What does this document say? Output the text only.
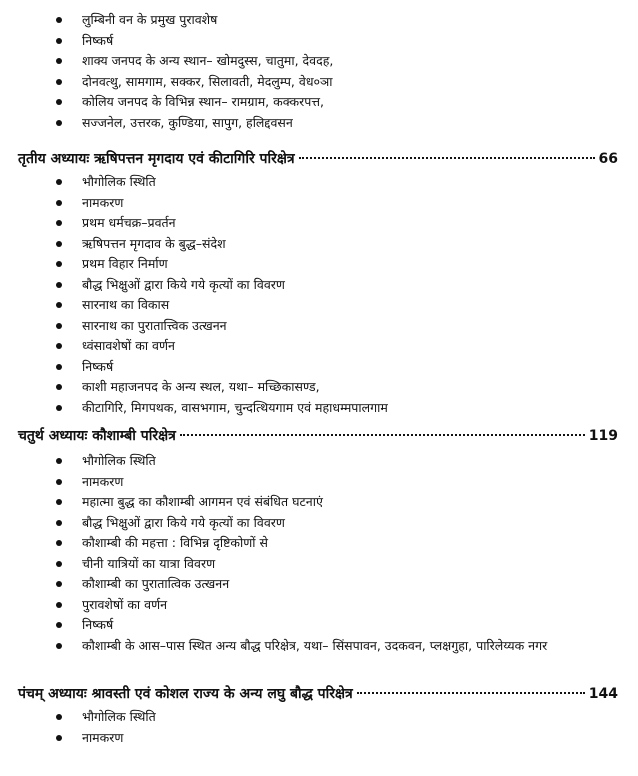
लुम्बिनी वन के प्रमुख पुरावशेष
निष्कर्ष
शाक्य जनपद के अन्य स्थान– खोमदुस्स, चातुमा, देवदह,
दोनवत्थु, सामगाम, सक्कर, सिलावती, मेदलुम्प, वेध०ञा
कोलिय जनपद के विभिन्न स्थान– रामग्राम, कक्करपत्त,
सज्जनेल, उत्तरक, कुण्डिया, सापुग, हलिद्दवसन
तृतीय अध्यायः ऋषिपत्तन मृगदाय एवं कीटागिरि परिक्षेत्र	66
भौगोलिक स्थिति
नामकरण
प्रथम धर्मचक्र–प्रवर्तन
ऋषिपत्तन मृगदाव के बुद्ध–संदेश
प्रथम विहार निर्माण
बौद्ध भिक्षुओं द्वारा किये गये कृत्यों का विवरण
सारनाथ का विकास
सारनाथ का पुरातात्त्विक उत्खनन
ध्वंसावशेषों का वर्णन
निष्कर्ष
काशी महाजनपद के अन्य स्थल, यथा– मच्छिकासण्ड,
कीटागिरि, मिगपथक, वासभगाम, चुन्दत्थियगाम एवं महाधम्मपालगाम
चतुर्थ अध्यायः कौशाम्बी परिक्षेत्र	119
भौगोलिक स्थिति
नामकरण
महात्मा बुद्ध का कौशाम्बी आगमन एवं संबंधित घटनाएं
बौद्ध भिक्षुओं द्वारा किये गये कृत्यों का विवरण
कौशाम्बी की महत्ता : विभिन्न दृष्टिकोणों से
चीनी यात्रियों का यात्रा विवरण
कौशाम्बी का पुरातात्विक उत्खनन
पुरावशेषों का वर्णन
निष्कर्ष
कौशाम्बी के आस–पास स्थित अन्य बौद्ध परिक्षेत्र, यथा– सिंसपावन, उदकवन, प्लक्षगुहा, पारिलेय्यक नगर
पंचम् अध्यायः श्रावस्ती एवं कोशल राज्य के अन्य लघु बौद्ध परिक्षेत्र	144
भौगोलिक स्थिति
नामकरण
